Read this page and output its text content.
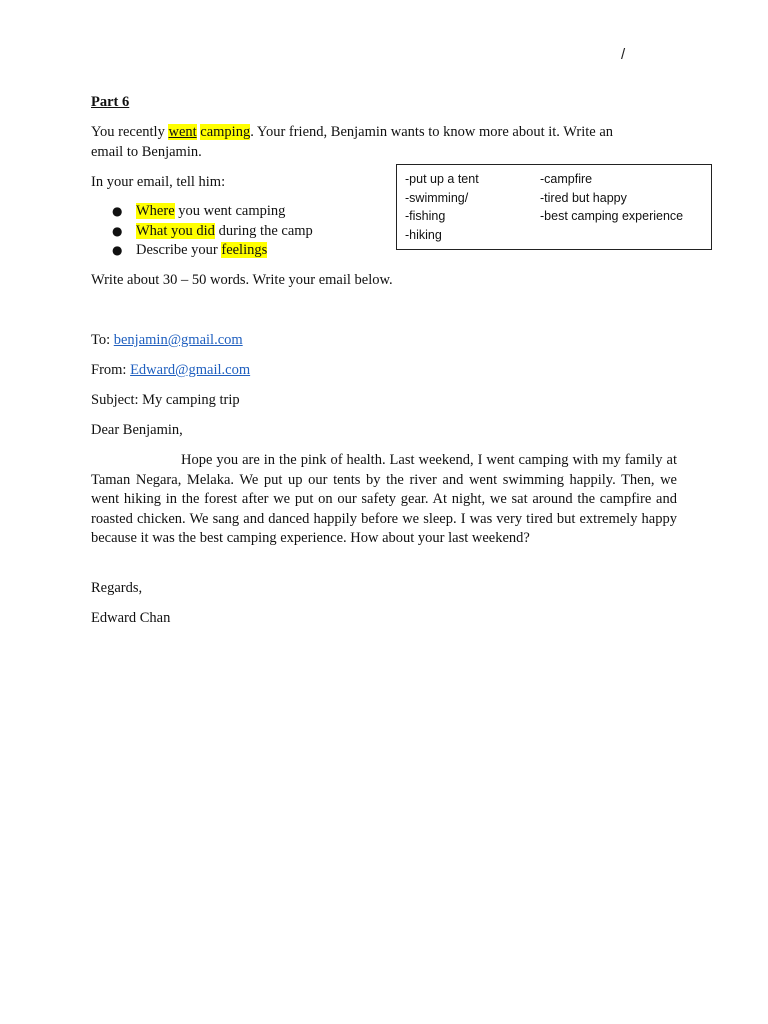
/

Part 6

You recently went camping. Your friend, Benjamin wants to know more about it. Write an
email to Benjamin.

In your email, tell him:

● Where you went camping
● What you did during the camp
● Describe your feelings
-put up a tent
-swimming/
-fishing
-hiking
-campfire
-tired but happy
-best camping experience

Write about 30 – 50 words. Write your email below.

To: benjamin@gmail.com

From: Edward@gmail.com

Subject: My camping trip

Dear Benjamin,

Hope you are in the pink of health. Last weekend, I went camping with my family at Taman Negara, Melaka. We put up our tents by the river and went swimming happily. Then, we went hiking in the forest after we put on our safety gear. At night, we sat around the campfire and roasted chicken. We sang and danced happily before we sleep. I was very tired but extremely happy because it was the best camping experience. How about your last weekend?

Regards,

Edward Chan
